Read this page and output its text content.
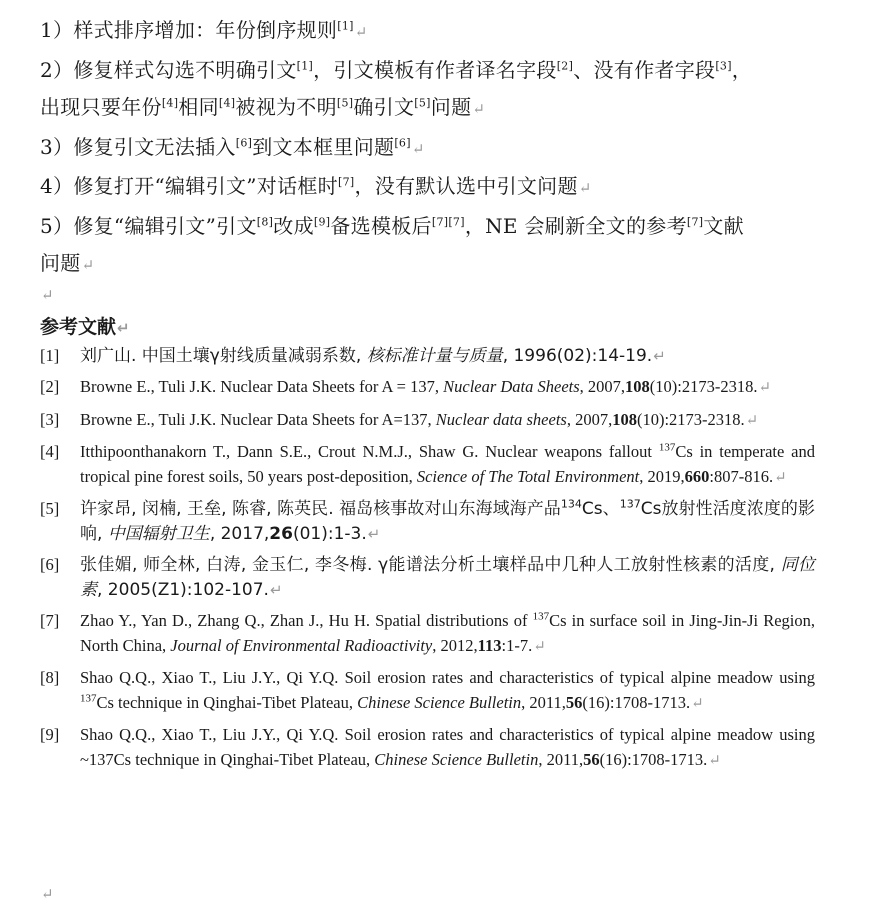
1）样式排序增加：年份倒序规则[1]↵
2）修复样式勾选不明确引文[1]，引文模板有作者译名字段[2]、没有作者字段[3]，
出现只要年份[4]相同[4]被视为不明[5]确引文[5]问题↵
3）修复引文无法插入[6]到文本框里问题[6]↵
4）修复打开“编辑引文”对话框时[7]，没有默认选中引文问题↵
5）修复“编辑引文”引文[8]改成[9]备选模板后[7][7]，NE 会刷新全文的参考[7]文献
问题↵
↵
参考文献↵
[1]	刘广山. 中国土壤γ射线质量减弱系数, 核标准计量与质量, 1996(02):14-19.↵
[2]	Browne E., Tuli J.K. Nuclear Data Sheets for A = 137, Nuclear Data Sheets, 2007,108(10):2173-2318.↵
[3]	Browne E., Tuli J.K. Nuclear Data Sheets for A=137, Nuclear data sheets, 2007,108(10):2173-2318.↵
[4]	Itthipoonthanakorn T., Dann S.E., Crout N.M.J., Shaw G. Nuclear weapons fallout $^{137}$Cs in temperate and tropical pine forest soils, 50 years post-deposition, Science of The Total Environment, 2019,660:807-816.↵
[5]	许家昂, 闵楠, 王垒, 陈睿, 陈英民. 福岛核事故对山东海域海产品$^{134}$Cs、$^{137}$Cs放射性活度浓度的影响, 中国辐射卫生, 2017,26(01):1-3.↵
[6]	张佳媚, 师全林, 白涛, 金玉仁, 李冬梅. γ能谱法分析土壤样品中几种人工放射性核素的活度, 同位素, 2005(Z1):102-107.↵
[7]	Zhao Y., Yan D., Zhang Q., Zhan J., Hu H. Spatial distributions of $^{137}$Cs in surface soil in Jing-Jin-Ji Region, North China, Journal of Environmental Radioactivity, 2012,113:1-7.↵
[8]	Shao Q.Q., Xiao T., Liu J.Y., Qi Y.Q. Soil erosion rates and characteristics of typical alpine meadow using $^{137}$Cs technique in Qinghai-Tibet Plateau, Chinese Science Bulletin, 2011,56(16):1708-1713.↵
[9]	Shao Q.Q., Xiao T., Liu J.Y., Qi Y.Q. Soil erosion rates and characteristics of typical alpine meadow using ~137Cs technique in Qinghai-Tibet Plateau, Chinese Science Bulletin, 2011,56(16):1708-1713.↵
↵
